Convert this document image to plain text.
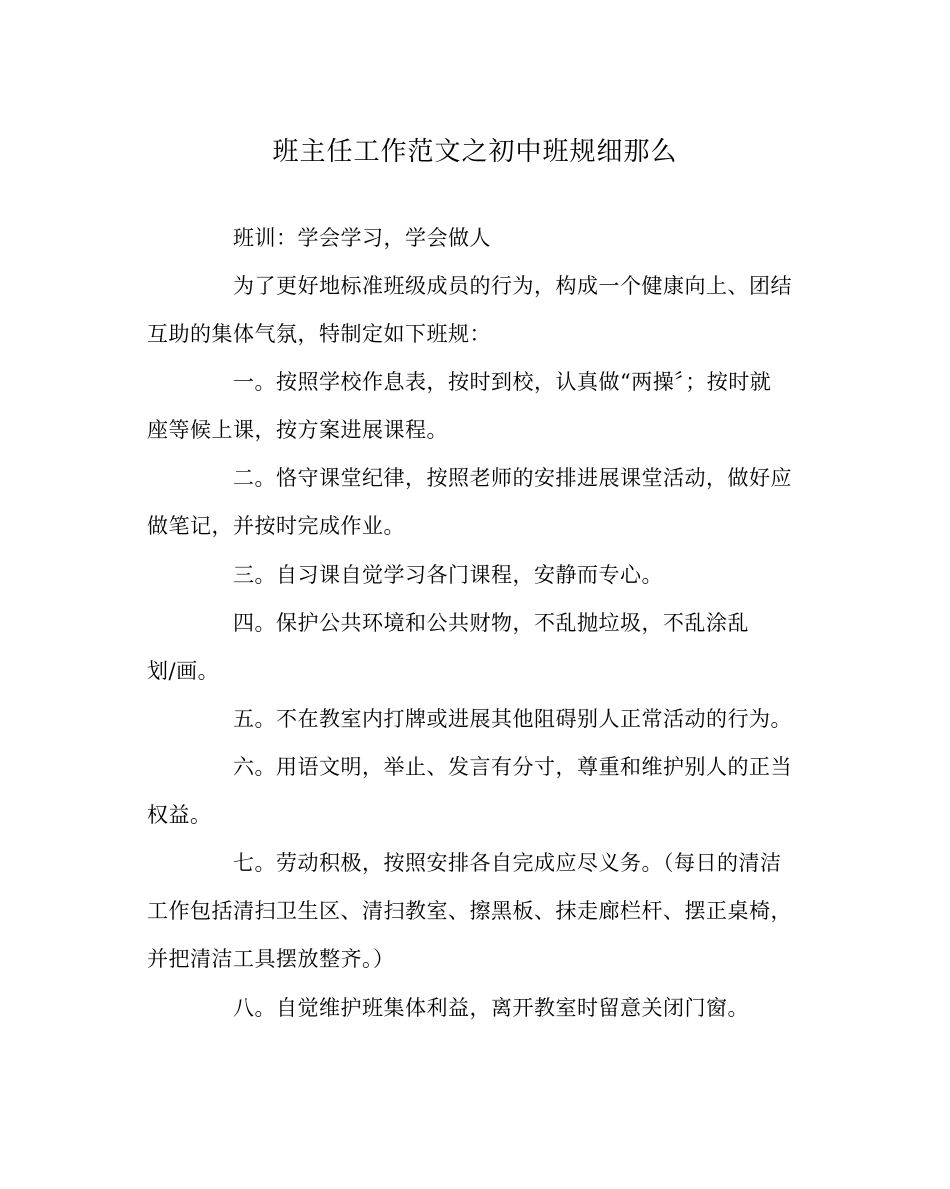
班主任工作范文之初中班规细那么
班训：学会学习，学会做人
为了更好地标准班级成员的行为，构成一个健康向上、团结
互助的集体气氛，特制定如下班规：
一。按照学校作息表，按时到校，认真做“两操〞；按时就
座等候上课，按方案进展课程。
二。恪守课堂纪律，按照老师的安排进展课堂活动，做好应
做笔记，并按时完成作业。
三。自习课自觉学习各门课程，安静而专心。
四。保护公共环境和公共财物，不乱抛垃圾，不乱涂乱
划/画。
五。不在教室内打牌或进展其他阻碍别人正常活动的行为。
六。用语文明，举止、发言有分寸，尊重和维护别人的正当
权益。
七。劳动积极，按照安排各自完成应尽义务。（每日的清洁
工作包括清扫卫生区、清扫教室、擦黑板、抹走廊栏杆、摆正桌椅，
并把清洁工具摆放整齐。）
八。自觉维护班集体利益，离开教室时留意关闭门窗。
